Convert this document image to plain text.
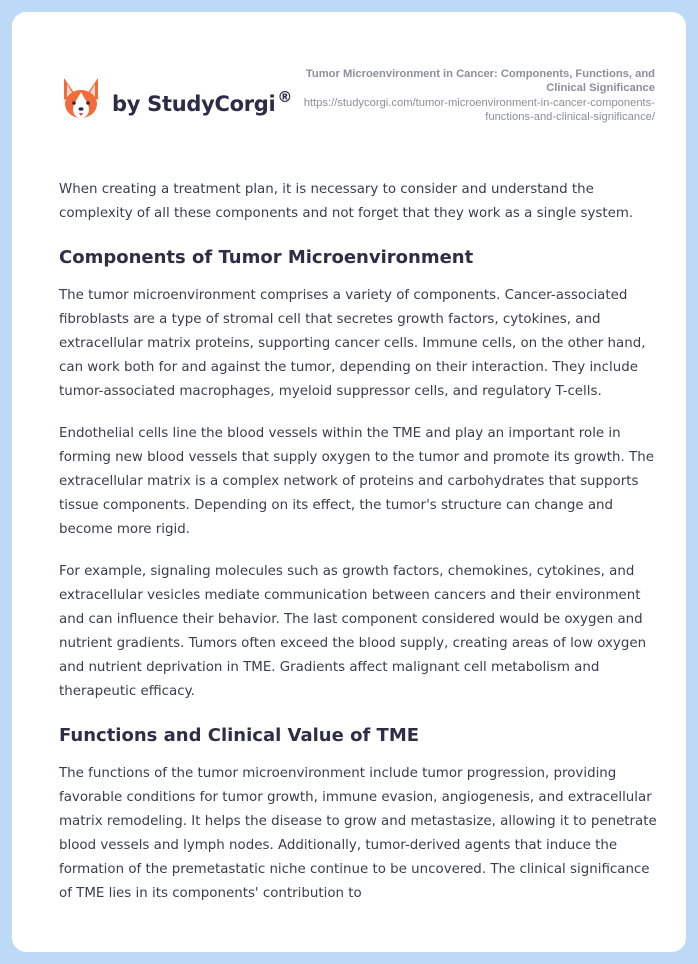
by StudyCorgi ®
Tumor Microenvironment in Cancer: Components, Functions, and Clinical Significance
https://studycorgi.com/tumor-microenvironment-in-cancer-components-functions-and-clinical-significance/

When creating a treatment plan, it is necessary to consider and understand the complexity of all these components and not forget that they work as a single system.

Components of Tumor Microenvironment

The tumor microenvironment comprises a variety of components. Cancer-associated fibroblasts are a type of stromal cell that secretes growth factors, cytokines, and extracellular matrix proteins, supporting cancer cells. Immune cells, on the other hand, can work both for and against the tumor, depending on their interaction. They include tumor-associated macrophages, myeloid suppressor cells, and regulatory T-cells.

Endothelial cells line the blood vessels within the TME and play an important role in forming new blood vessels that supply oxygen to the tumor and promote its growth. The extracellular matrix is a complex network of proteins and carbohydrates that supports tissue components. Depending on its effect, the tumor's structure can change and become more rigid.

For example, signaling molecules such as growth factors, chemokines, cytokines, and extracellular vesicles mediate communication between cancers and their environment and can influence their behavior. The last component considered would be oxygen and nutrient gradients. Tumors often exceed the blood supply, creating areas of low oxygen and nutrient deprivation in TME. Gradients affect malignant cell metabolism and therapeutic efficacy.

Functions and Clinical Value of TME

The functions of the tumor microenvironment include tumor progression, providing favorable conditions for tumor growth, immune evasion, angiogenesis, and extracellular matrix remodeling. It helps the disease to grow and metastasize, allowing it to penetrate blood vessels and lymph nodes. Additionally, tumor-derived agents that induce the formation of the premetastatic niche continue to be uncovered. The clinical significance of TME lies in its components' contribution to
